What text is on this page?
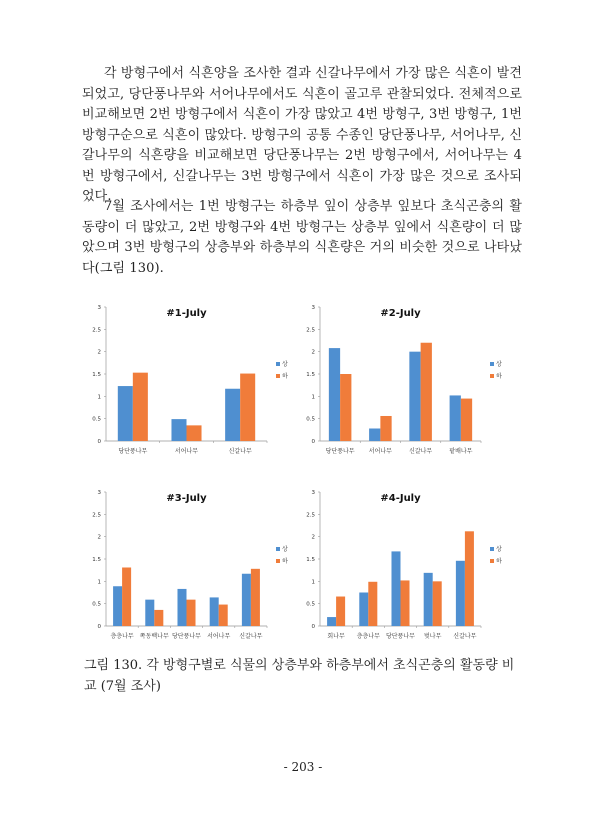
각 방형구에서 식흔양을 조사한 결과 신갈나무에서 가장 많은 식흔이 발견되었고, 당단풍나무와 서어나무에서도 식흔이 골고루 관찰되었다. 전체적으로 비교해보면 2번 방형구에서 식흔이 가장 많았고 4번 방형구, 3번 방형구, 1번 방형구순으로 식흔이 많았다. 방형구의 공통 수종인 당단풍나무, 서어나무, 신갈나무의 식흔량을 비교해보면 당단풍나무는 2번 방형구에서, 서어나무는 4번 방형구에서, 신갈나무는 3번 방형구에서 식흔이 가장 많은 것으로 조사되었다.

7월 조사에서는 1번 방형구는 하층부 잎이 상층부 잎보다 초식곤충의 활동량이 더 많았고, 2번 방형구와 4번 방형구는 상층부 잎에서 식흔량이 더 많았으며 3번 방형구의 상층부와 하층부의 식흔량은 거의 비슷한 것으로 나타났다(그림 130).

0
0.5
1
1.5
2
2.5
3
당단풍나무	서어나무	신갈나무
#1-July
상
하
0
0.5
1
1.5
2
2.5
3
당단풍나무 서어나무	신갈나무	팥배나무
#2-July
상
하
0
0.5
1
1.5
2
2.5
3
층층나무 쪽동백나무 당단풍나무 서어나무 신갈나무
#3-July
상
하
0
0.5
1
1.5
2
2.5
3
회나무 층층나무 당단풍나무 벚나무 신갈나무
#4-July
상
하

그림 130. 각 방형구별로 식물의 상층부와 하층부에서 초식곤충의 활동량 비교 (7월 조사)

- 203 -
